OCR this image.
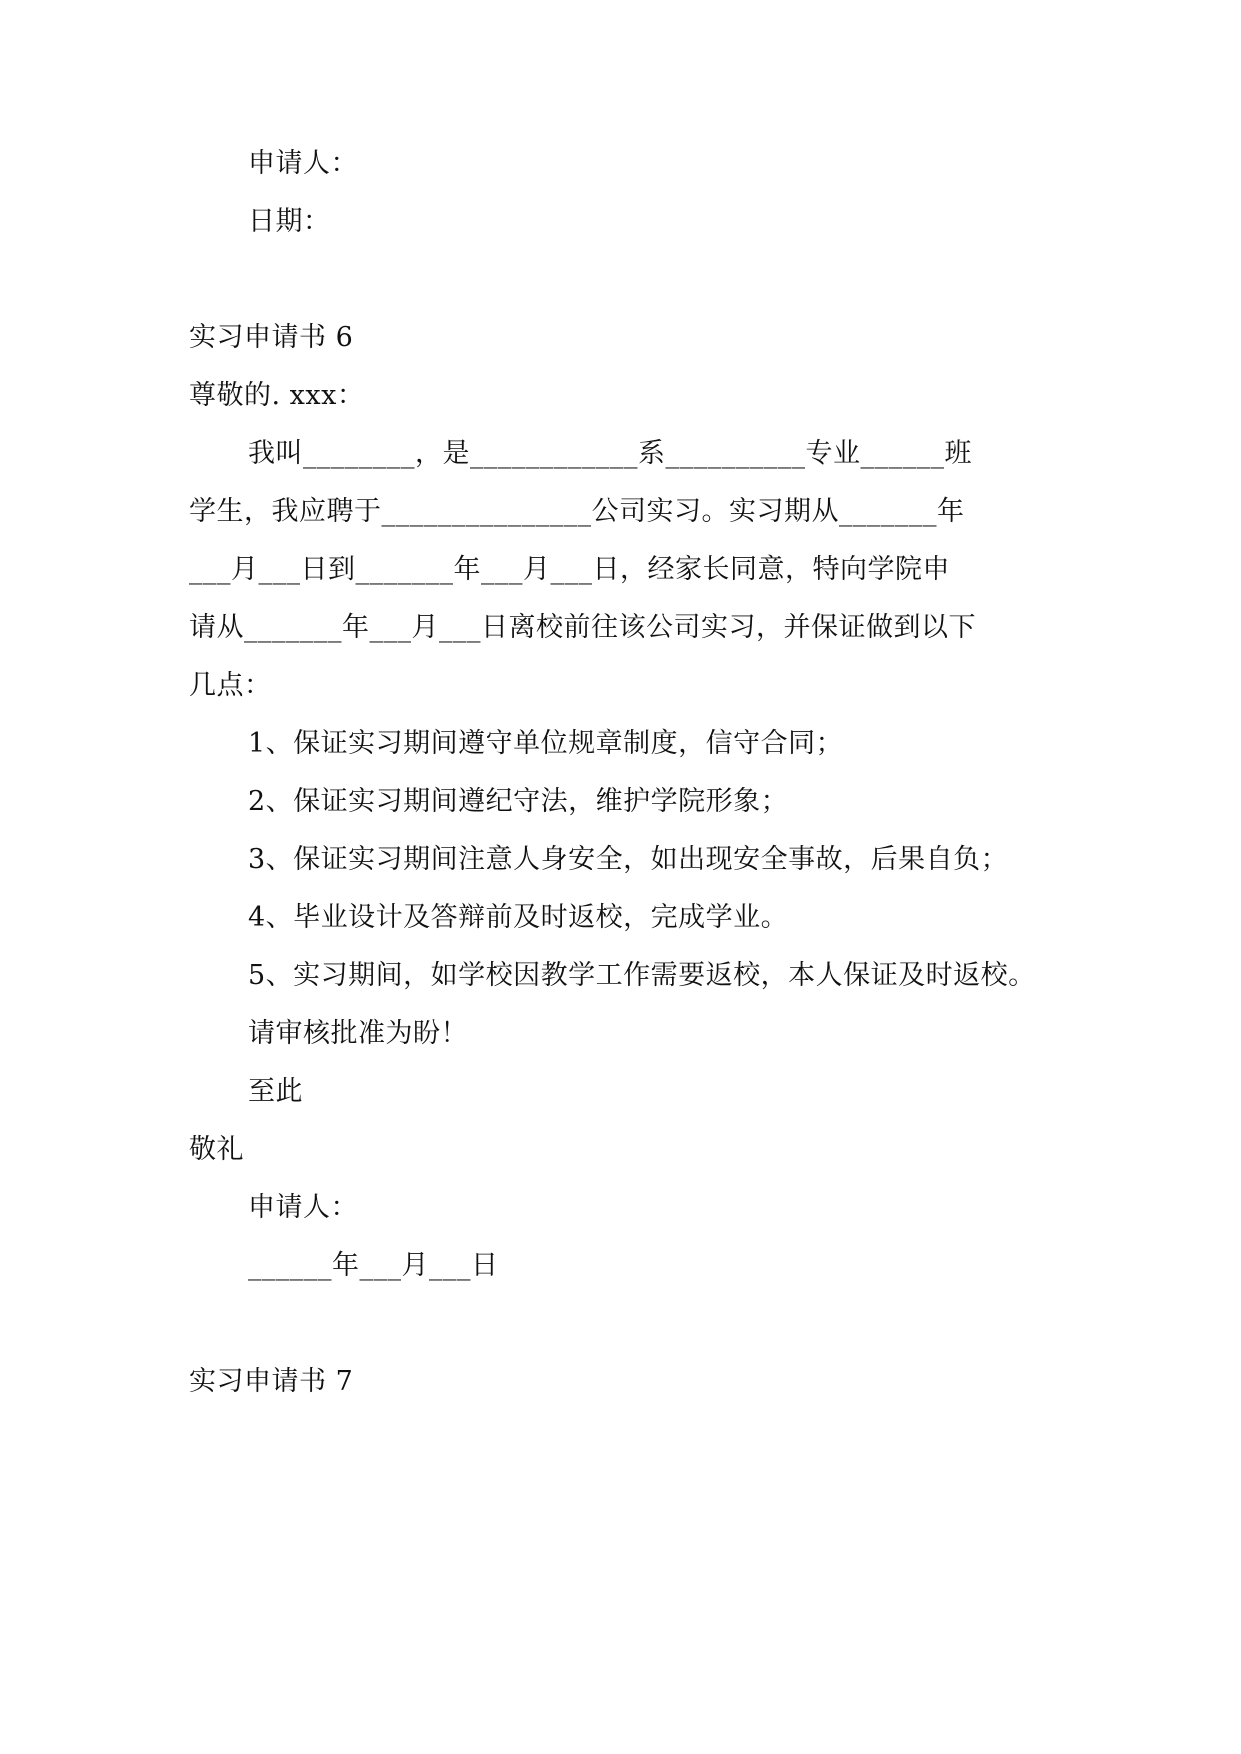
申请人：
日期：
实习申请书 6
尊敬的. xxx：
我叫________，是____________系__________专业______班
学生，我应聘于_______________公司实习。实习期从_______年
___月___日到_______年___月___日，经家长同意，特向学院申
请从_______年___月___日离校前往该公司实习，并保证做到以下
几点：
1、保证实习期间遵守单位规章制度，信守合同；
2、保证实习期间遵纪守法，维护学院形象；
3、保证实习期间注意人身安全，如出现安全事故，后果自负；
4、毕业设计及答辩前及时返校，完成学业。
5、实习期间，如学校因教学工作需要返校，本人保证及时返校。
请审核批准为盼！
至此
敬礼
申请人：
______年___月___日
实习申请书 7
